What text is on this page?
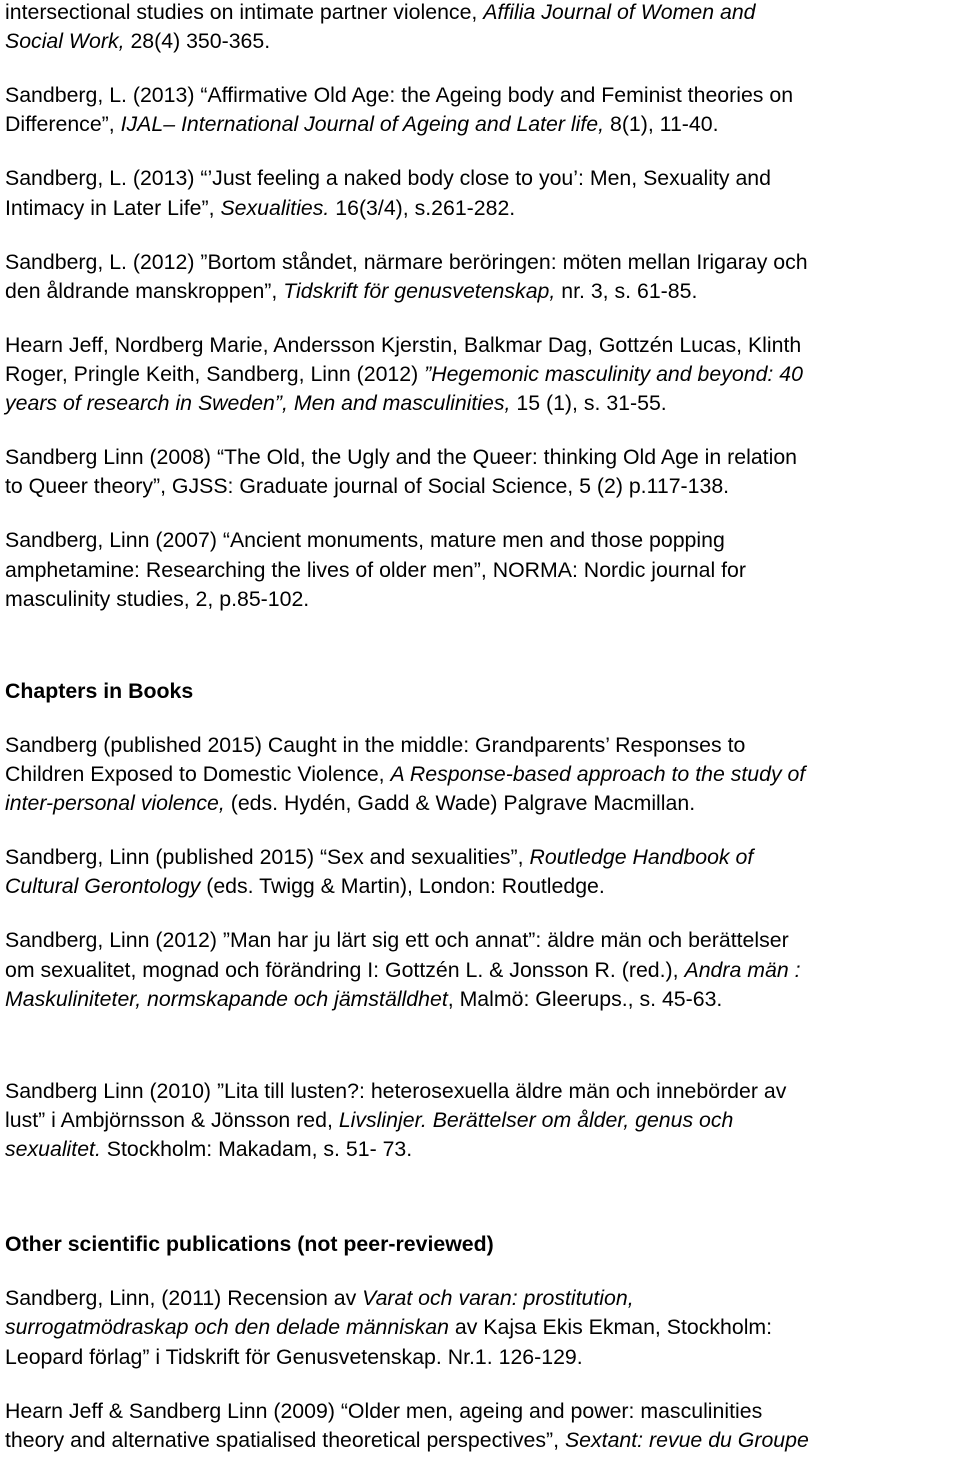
intersectional studies on intimate partner violence, Affilia Journal of Women and
Social Work, 28(4) 350-365.
Sandberg, L. (2013) “Affirmative Old Age: the Ageing body and Feminist theories on
Difference”, IJAL– International Journal of Ageing and Later life, 8(1), 11-40.
Sandberg, L. (2013) “’Just feeling a naked body close to you’: Men, Sexuality and
Intimacy in Later Life”, Sexualities. 16(3/4), s.261-282.
Sandberg, L. (2012) ”Bortom ståndet, närmare beröringen: möten mellan Irigaray och
den åldrande manskroppen”, Tidskrift för genusvetenskap, nr. 3, s. 61-85.
Hearn Jeff, Nordberg Marie, Andersson Kjerstin, Balkmar Dag, Gottzén Lucas, Klinth
Roger, Pringle Keith, Sandberg, Linn (2012) ”Hegemonic masculinity and beyond: 40
years of research in Sweden”, Men and masculinities, 15 (1), s. 31-55.
Sandberg Linn (2008) “The Old, the Ugly and the Queer: thinking Old Age in relation
to Queer theory”, GJSS: Graduate journal of Social Science, 5 (2) p.117-138.
Sandberg, Linn (2007) “Ancient monuments, mature men and those popping
amphetamine: Researching the lives of older men”, NORMA: Nordic journal for
masculinity studies, 2, p.85-102.
Chapters in Books
Sandberg (published 2015) Caught in the middle: Grandparents’ Responses to
Children Exposed to Domestic Violence, A Response-based approach to the study of
inter-personal violence, (eds. Hydén, Gadd & Wade) Palgrave Macmillan.
Sandberg, Linn (published 2015) “Sex and sexualities”, Routledge Handbook of
Cultural Gerontology (eds. Twigg & Martin), London: Routledge.
Sandberg, Linn (2012) ”Man har ju lärt sig ett och annat”: äldre män och berättelser
om sexualitet, mognad och förändring I: Gottzén L. & Jonsson R. (red.), Andra män :
Maskuliniteter, normskapande och jämställdhet, Malmö: Gleerups., s. 45-63.
Sandberg Linn (2010) ”Lita till lusten?: heterosexuella äldre män och innebörder av
lust” i Ambjörnsson & Jönsson red, Livslinjer. Berättelser om ålder, genus och
sexualitet. Stockholm: Makadam, s. 51- 73.
Other scientific publications (not peer-reviewed)
Sandberg, Linn, (2011) Recension av Varat och varan: prostitution,
surrogatmödraskap och den delade människan av Kajsa Ekis Ekman, Stockholm:
Leopard förlag” i Tidskrift för Genusvetenskap. Nr.1. 126-129.
Hearn Jeff & Sandberg Linn (2009) “Older men, ageing and power: masculinities
theory and alternative spatialised theoretical perspectives”, Sextant: revue du Groupe
